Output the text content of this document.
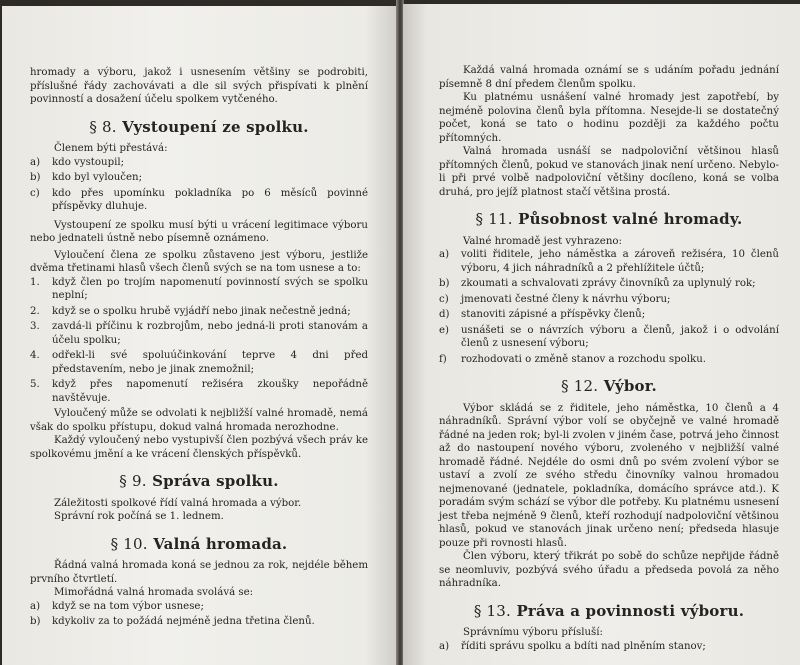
hromady a výboru, jakož i usnesením většiny se podrobiti, příslušné řády zachovávati a dle sil svých přispívati k plnění povinností a dosažení účelu spolkem vytčeného.

§ 8. Vystoupení ze spolku.

Členem býti přestává:

a)	kdo vystoupil;
b)	kdo byl vyloučen;
c)	kdo přes upomínku pokladníka po 6 měsíců povinné příspěvky dluhuje.

Vystoupení ze spolku musí býti u vrácení legitimace výboru nebo jednateli ústně nebo písemně oznámeno.

Vyloučení člena ze spolku zůstaveno jest výboru, jestliže dvěma třetinami hlasů všech členů svých se na tom usnese a to:

1.	když člen po trojím napomenutí povinností svých se spolku neplní;
2.	když se o spolku hrubě vyjádří nebo jinak nečestně jedná;
3.	zavdá-li příčinu k rozbrojům, nebo jedná-li proti stanovám a účelu spolku;
4.	odřekl-li své spoluúčinkování teprve 4 dni před představením, nebo je jinak znemožnil;
5.	když přes napomenutí režiséra zkoušky nepořádně navštěvuje.

Vyloučený může se odvolati k nejbližší valné hromadě, nemá však do spolku přístupu, dokud valná hromada nerozhodne.

Každý vyloučený nebo vystupivší člen pozbývá všech práv ke spolkovému jmění a ke vrácení členských příspěvků.

§ 9. Správa spolku.

Záležitosti spolkové řídí valná hromada a výbor.

Správní rok počíná se 1. lednem.

§ 10. Valná hromada.

Řádná valná hromada koná se jednou za rok, nejdéle během prvního čtvrtletí.

Mimořádná valná hromada svolává se:

a)	když se na tom výbor usnese;
b)	kdykoliv za to požádá nejméně jedna třetina členů.

Každá valná hromada oznámí se s udáním pořadu jednání písemně 8 dní předem členům spolku.

Ku platnému usnášení valné hromady jest zapotřebí, by nejméně polovina členů byla přítomna. Nesejde-li se dostatečný počet, koná se tato o hodinu později za každého počtu přítomných.

Valná hromada usnáší se nadpoloviční většinou hlasů přítomných členů, pokud ve stanovách jinak není určeno. Nebylo-li při prvé volbě nadpoloviční většiny docíleno, koná se volba druhá, pro jejíž platnost stačí většina prostá.

§ 11. Působnost valné hromady.

Valné hromadě jest vyhrazeno:

a)	voliti řiditele, jeho náměstka a zároveň režiséra, 10 členů výboru, 4 jich náhradníků a 2 přehlížitele účtů;
b)	zkoumati a schvalovati zprávy činovníků za uplynulý rok;
c)	jmenovati čestné členy k návrhu výboru;
d)	stanoviti zápisné a příspěvky členů;
e)	usnášeti se o návrzích výboru a členů, jakož i o odvolání členů z usnesení výboru;
f)	rozhodovati o změně stanov a rozchodu spolku.
§ 12. Výbor.

Výbor skládá se z řiditele, jeho náměstka, 10 členů a 4 náhradníků. Správní výbor volí se obyčejně ve valné hromadě řádné na jeden rok; byl-li zvolen v jiném čase, potrvá jeho činnost až do nastoupení nového výboru, zvoleného v nejbližší valné hromadě řádné. Nejdéle do osmi dnů po svém zvolení výbor se ustaví a zvolí ze svého středu činovníky valnou hromadou nejmenované (jednatele, pokladníka, domácího správce atd.). K poradám svým schází se výbor dle potřeby. Ku platnému usnesení jest třeba nejméně 9 členů, kteří rozhodují nadpoloviční většinou hlasů, pokud ve stanovách jinak určeno není; předseda hlasuje pouze při rovnosti hlasů.

Člen výboru, který třikrát po sobě do schůze nepřijde řádně se neomluviv, pozbývá svého úřadu a předseda povolá za něho náhradníka.

§ 13. Práva a povinnosti výboru.

Správnímu výboru přísluší:

a)	říditi správu spolku a bdíti nad plněním stanov;
